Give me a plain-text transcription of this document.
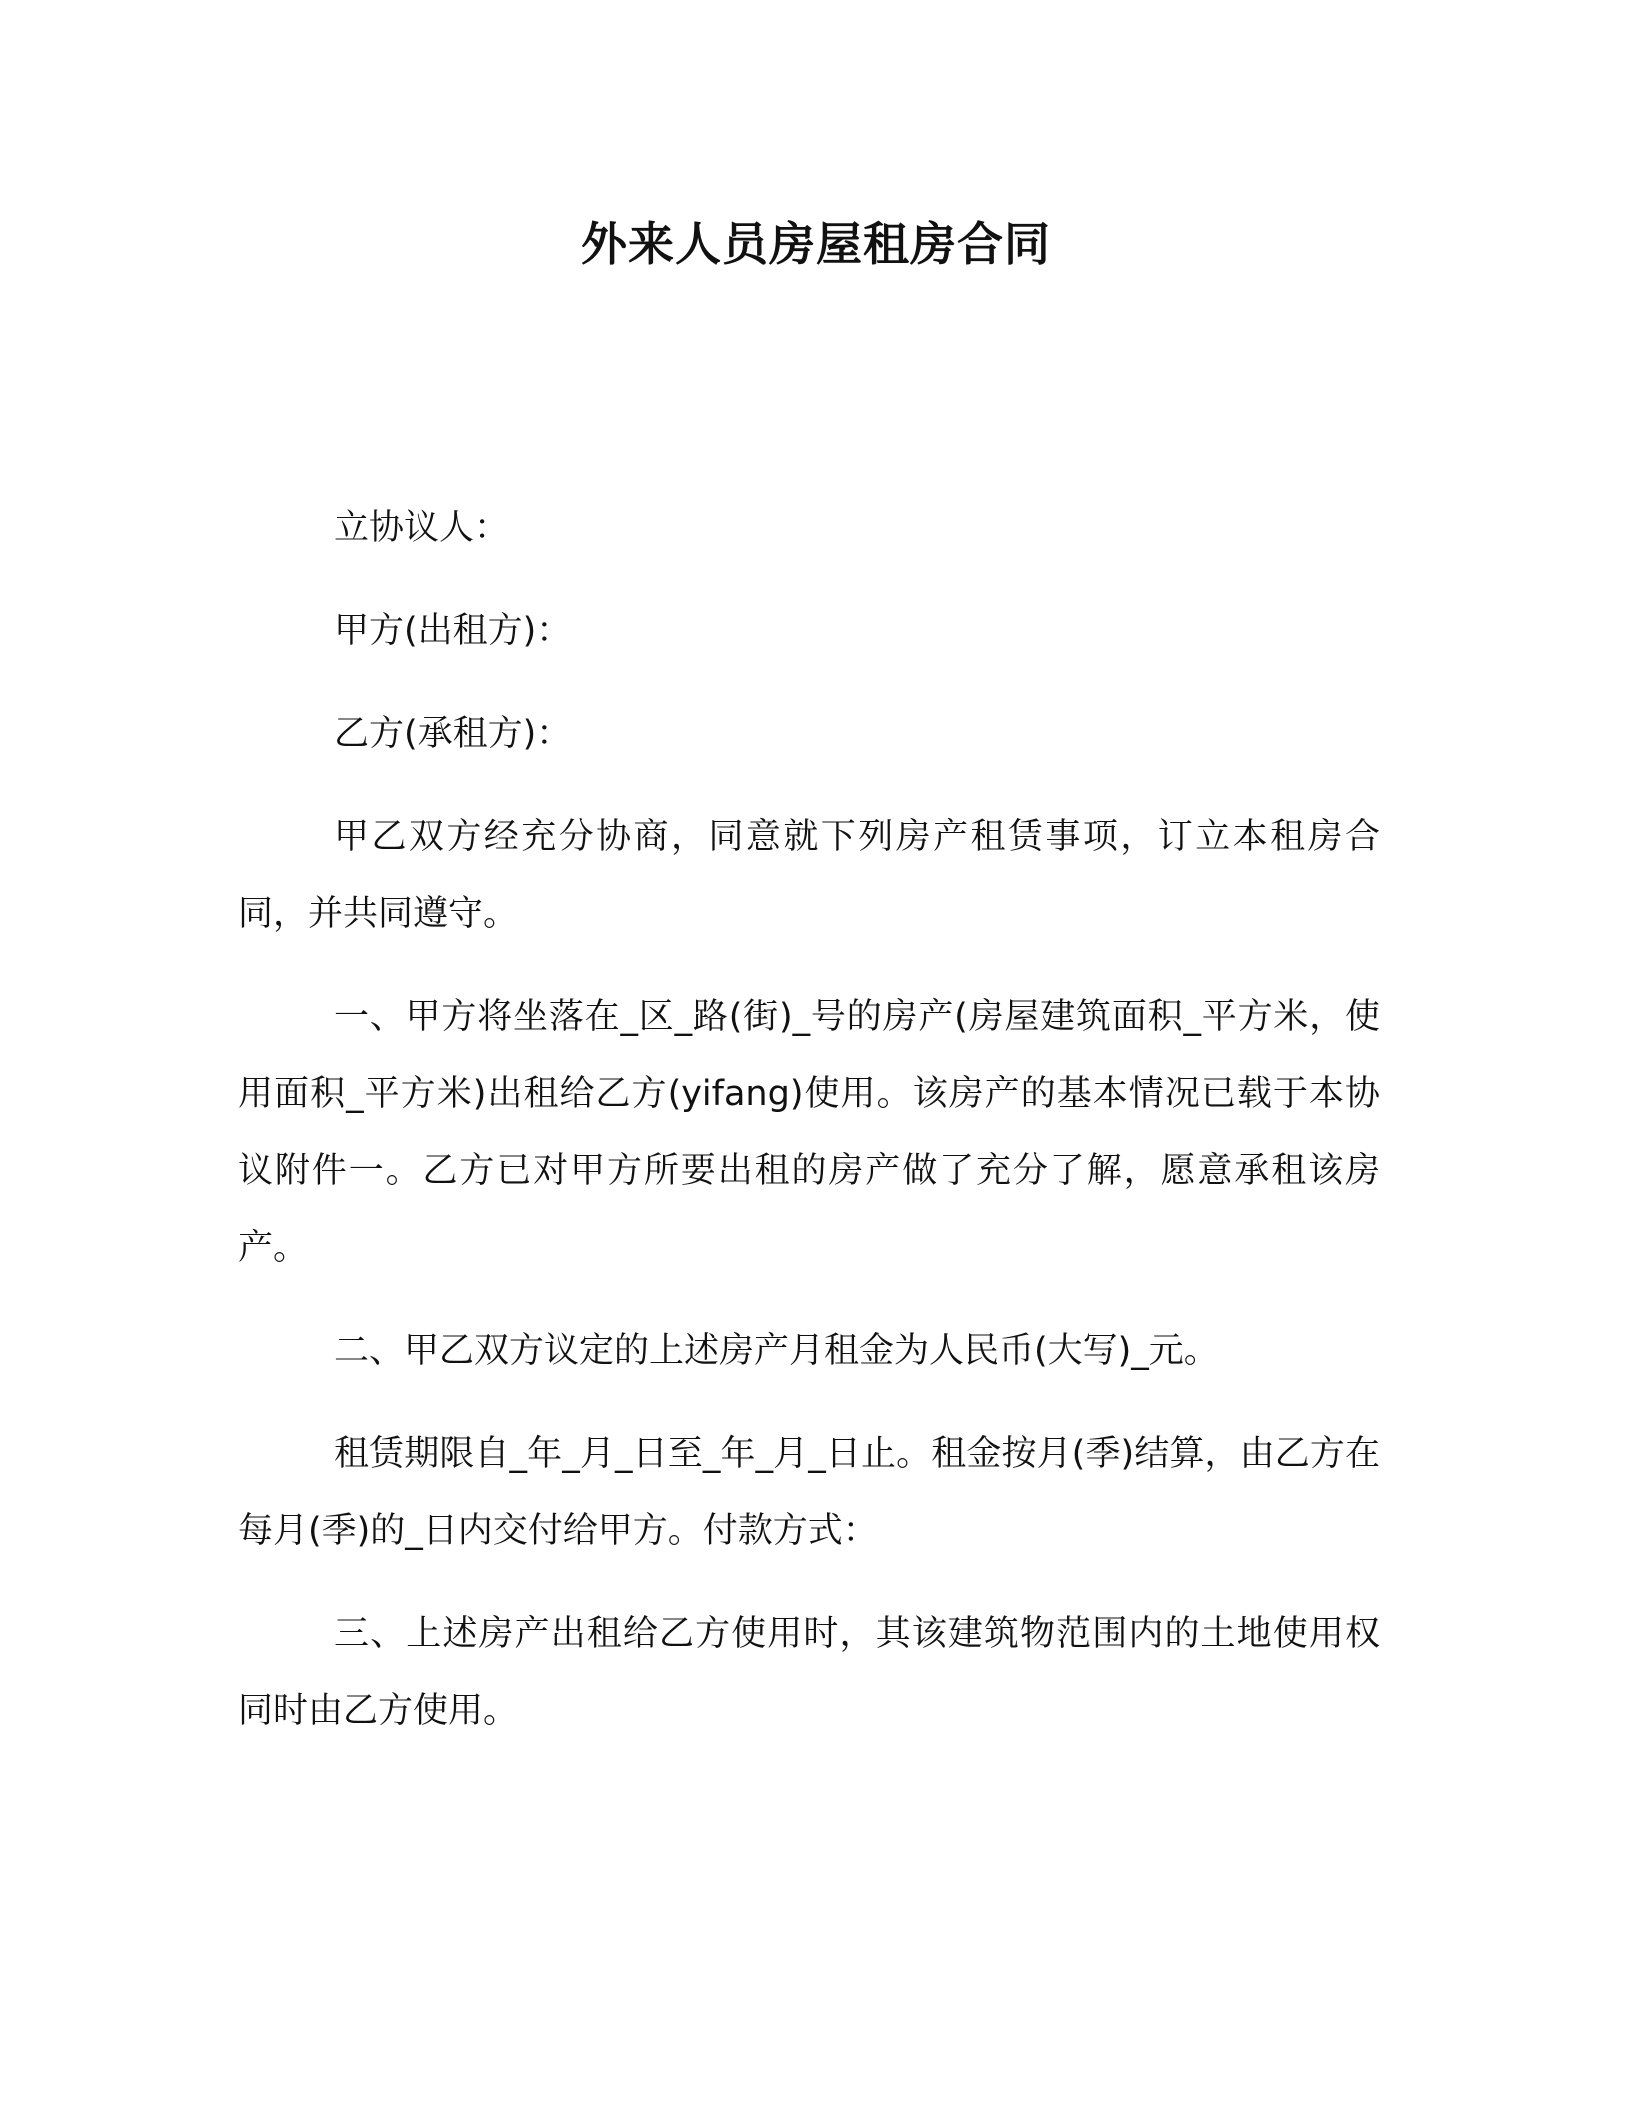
外来人员房屋租房合同

立协议人：

甲方(出租方)：

乙方(承租方)：

甲乙双方经充分协商，同意就下列房产租赁事项，订立本租房合同，并共同遵守。

一、甲方将坐落在_区_路(街)_号的房产(房屋建筑面积_平方米，使用面积_平方米)出租给乙方(yifang)使用。该房产的基本情况已载于本协议附件一。乙方已对甲方所要出租的房产做了充分了解，愿意承租该房产。

二、甲乙双方议定的上述房产月租金为人民币(大写)_元。

租赁期限自_年_月_日至_年_月_日止。租金按月(季)结算，由乙方在每月(季)的_日内交付给甲方。付款方式：

三、上述房产出租给乙方使用时，其该建筑物范围内的土地使用权同时由乙方使用。
